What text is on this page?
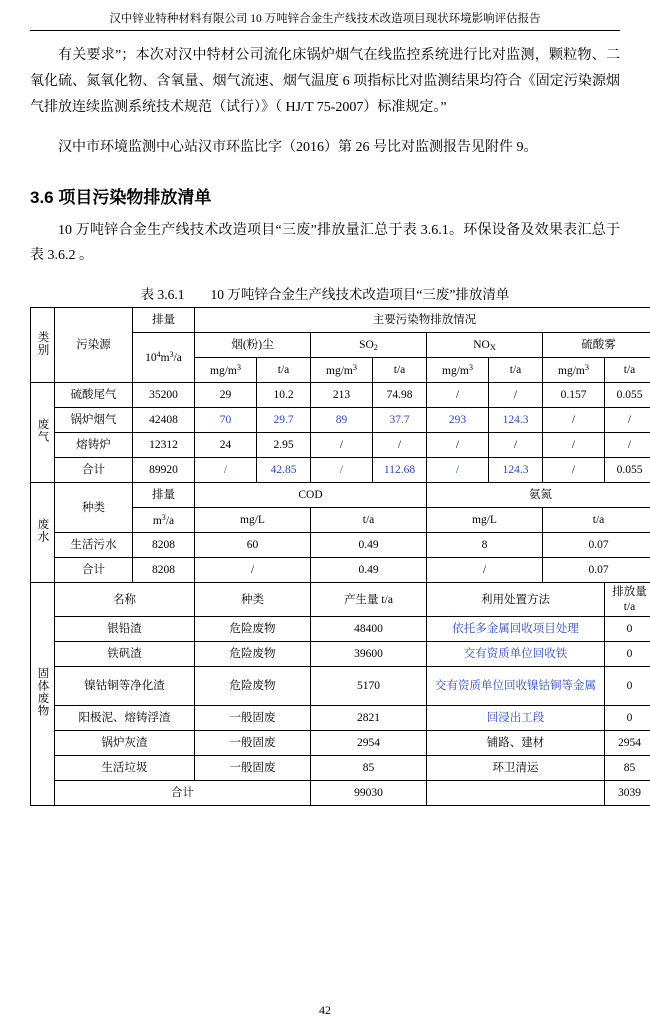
汉中锌业特种材料有限公司 10 万吨锌合金生产线技术改造项目现状环境影响评估报告

有关要求”；本次对汉中特材公司流化床锅炉烟气在线监控系统进行比对监测，颗粒物、二氧化硫、氮氧化物、含氧量、烟气流速、烟气温度 6 项指标比对监测结果均符合《固定污染源烟气排放连续监测系统技术规范（试行）》（ HJ/T 75-2007）标准规定。”

汉中市环境监测中心站汉市环监比字（2016）第 26 号比对监测报告见附件 9。

3.6 项目污染物排放清单

10 万吨锌合金生产线技术改造项目“三废”排放量汇总于表 3.6.1。环保设备及效果表汇总于表 3.6.2 。

表 3.6.1 10 万吨锌合金生产线技术改造项目“三废”排放清单
类别	污染源	排量	主要污染物排放情况							
		$10^4m^3/a$	烟(粉)尘		$SO_2$		$NO_X$		硫酸雾	
			$mg/m^3$	t/a	$mg/m^3$	t/a	$mg/m^3$	t/a	$mg/m^3$	t/a
废气	硫酸尾气	35200	29	10.2	213	74.98	/	/	0.157	0.055
	锅炉烟气	42408	70	29.7	89	37.7	293	124.3	/	/
	熔铸炉	12312	24	2.95	/	/	/	/	/	/
	合计	89920	/	42.85	/	112.68	/	124.3	/	0.055
废水	种类	排量	COD				氨氮			
		$m^3/a$	mg/L		t/a		mg/L		t/a	
	生活污水	8208	60		0.49		8		0.07	
	合计	8208	/		0.49		/		0.07	
固体废物	名称		种类		产生量 t/a		利用处置方法			排放量 t/a
	银铅渣		危险废物		48400		依托多金属回收项目处理			0
	铁矾渣		危险废物		39600		交有资质单位回收铁			0
	镍钴铜等净化渣		危险废物		5170		交有资质单位回收镍钴铜等金属			0
	阳极泥、熔铸浮渣		一般固废		2821		回浸出工段			0
	锅炉灰渣		一般固废		2954		铺路、建材			2954
	生活垃圾		一般固废		85		环卫清运			85
	合计				99030					3039
42
